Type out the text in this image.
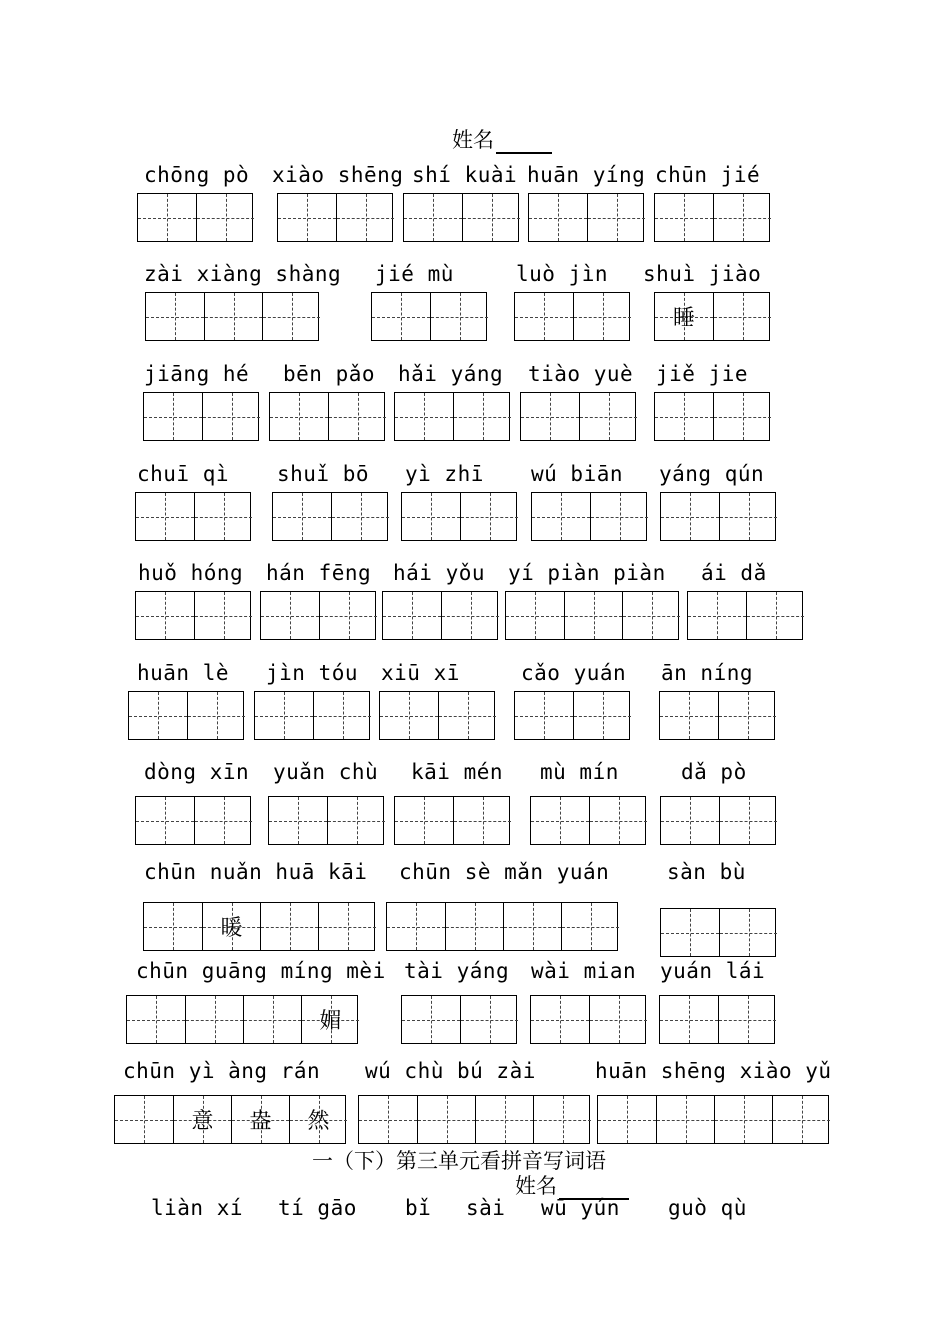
姓名
chōng pò xiào shēng shí kuài huān yíng chūn jié
zài xiàng shàng jié mù	luò jìn shuì jiào
睡
jiāng hé bēn pǎo hǎi yáng tiào yuè jiě jie
chuī qì shuǐ bō yì zhī wú biān yáng qún
huǒ hóng hán fēng hái yǒu yí piàn piàn ái dǎ
huān lè jìn tóu xiū xī	cǎo yuán ān níng
dòng xīn yuǎn chù kāi mén mù mín	dǎ pò
chūn nuǎn huā kāi
暖
chūn sè mǎn yuán	sàn bù
chūn guāng míng mèi
媚
tài yáng wài mian yuán lái
chūn yì àng rán
意	盎	然
wú chù bú zài	huān shēng xiào yǔ
一（下）第三单元看拼音写词语
姓名
liàn xí tí gāo bǐ sài wū yún guò qù
